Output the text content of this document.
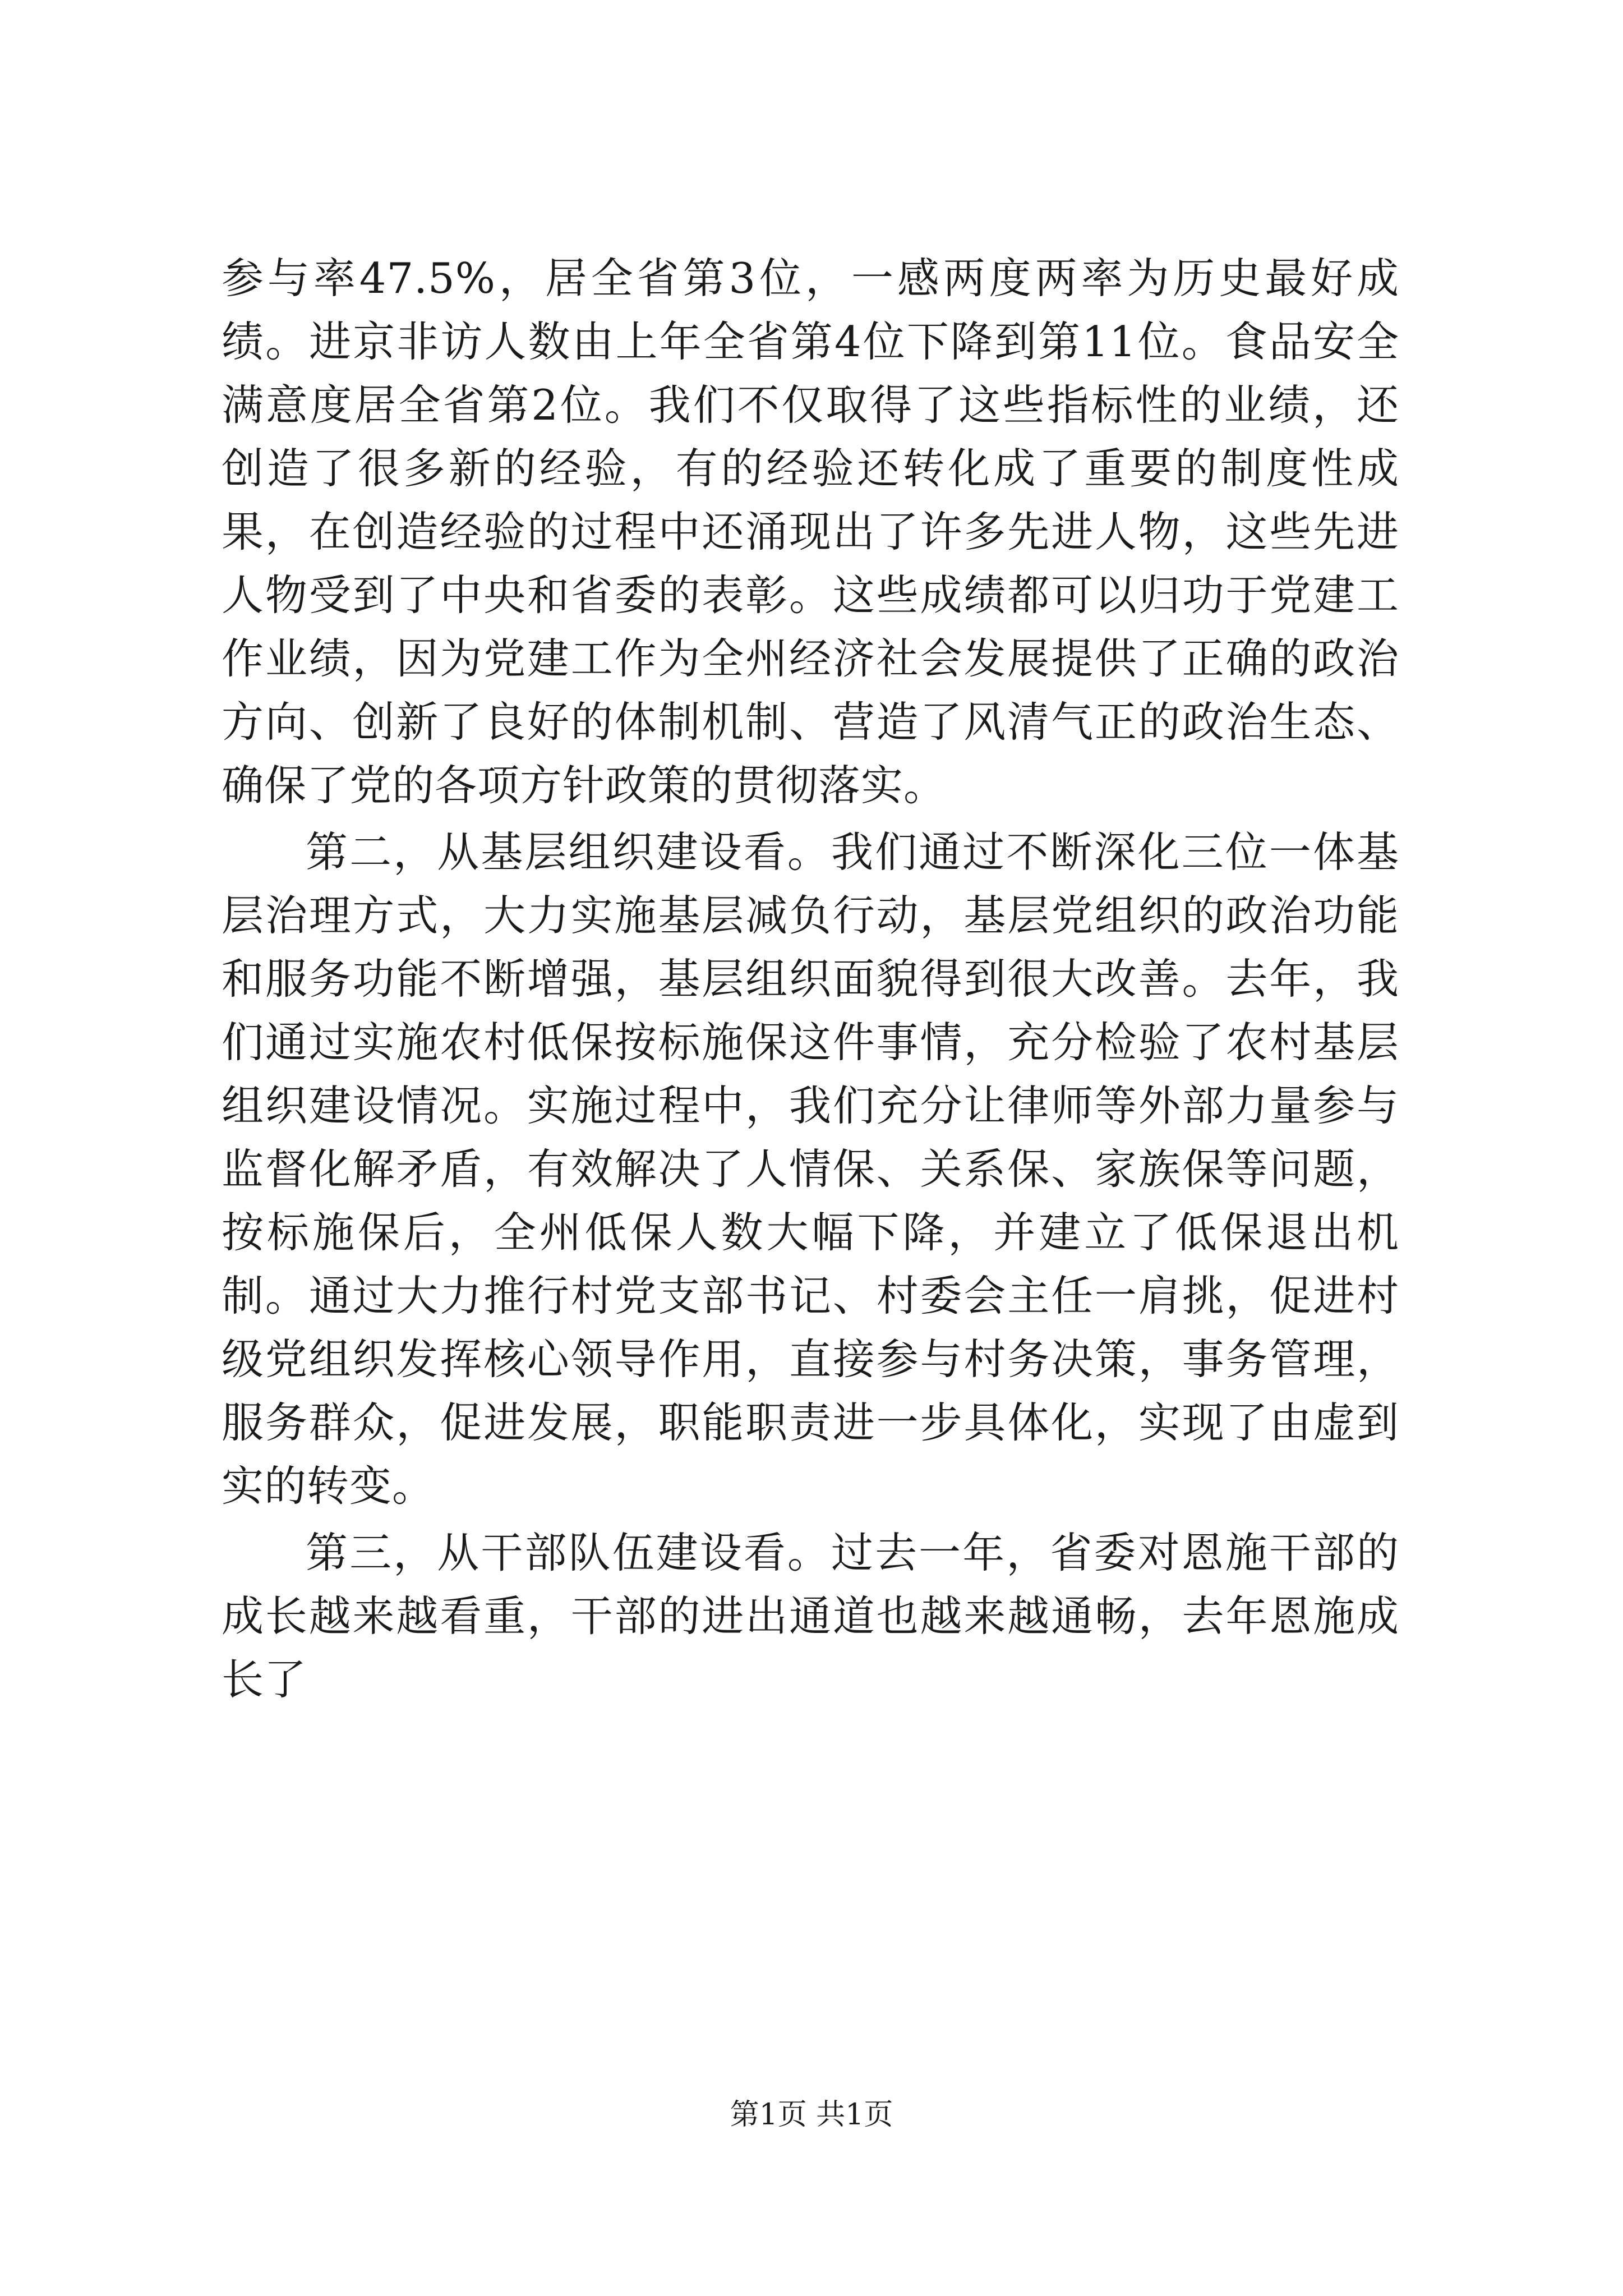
参与率47.5%，居全省第3位，一感两度两率为历史最好成绩。进京非访人数由上年全省第4位下降到第11位。食品安全满意度居全省第2位。我们不仅取得了这些指标性的业绩，还创造了很多新的经验，有的经验还转化成了重要的制度性成果，在创造经验的过程中还涌现出了许多先进人物，这些先进人物受到了中央和省委的表彰。这些成绩都可以归功于党建工作业绩，因为党建工作为全州经济社会发展提供了正确的政治方向、创新了良好的体制机制、营造了风清气正的政治生态、确保了党的各项方针政策的贯彻落实。

第二，从基层组织建设看。我们通过不断深化三位一体基层治理方式，大力实施基层减负行动，基层党组织的政治功能和服务功能不断增强，基层组织面貌得到很大改善。去年，我们通过实施农村低保按标施保这件事情，充分检验了农村基层组织建设情况。实施过程中，我们充分让律师等外部力量参与监督化解矛盾，有效解决了人情保、关系保、家族保等问题，按标施保后，全州低保人数大幅下降，并建立了低保退出机制。通过大力推行村党支部书记、村委会主任一肩挑，促进村级党组织发挥核心领导作用，直接参与村务决策，事务管理，服务群众，促进发展，职能职责进一步具体化，实现了由虚到实的转变。

第三，从干部队伍建设看。过去一年，省委对恩施干部的成长越来越看重，干部的进出通道也越来越通畅，去年恩施成长了

第1页 共1页
